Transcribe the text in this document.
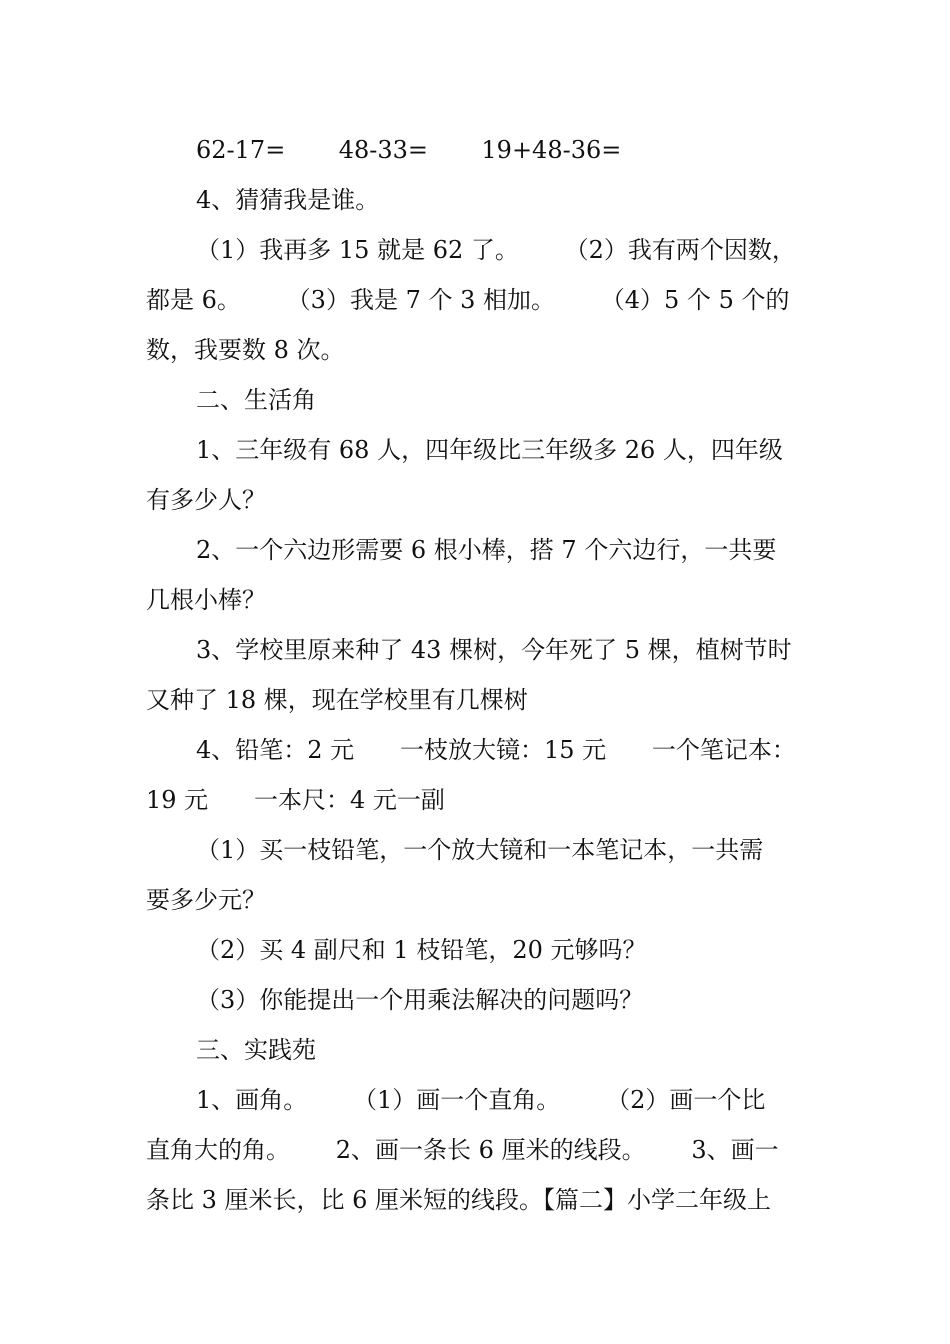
62-17=       48-33=       19+48-36=
4、猜猜我是谁。
（1）我再多 15 就是 62 了。      （2）我有两个因数，
都是 6。      （3）我是 7 个 3 相加。      （4）5 个 5 个的
数，我要数 8 次。
二、生活角
1、三年级有 68 人，四年级比三年级多 26 人，四年级
有多少人？
2、一个六边形需要 6 根小棒，搭 7 个六边行，一共要
几根小棒？
3、学校里原来种了 43 棵树，今年死了 5 棵，植树节时
又种了 18 棵，现在学校里有几棵树
4、铅笔：2 元      一枝放大镜：15 元      一个笔记本：
19 元      一本尺：4 元一副
（1）买一枝铅笔，一个放大镜和一本笔记本，一共需
要多少元？
（2）买 4 副尺和 1 枝铅笔，20 元够吗？
（3）你能提出一个用乘法解决的问题吗？
三、实践苑
1、画角。      （1）画一个直角。      （2）画一个比
直角大的角。      2、画一条长 6 厘米的线段。      3、画一
条比 3 厘米长，比 6 厘米短的线段。【篇二】小学二年级上
